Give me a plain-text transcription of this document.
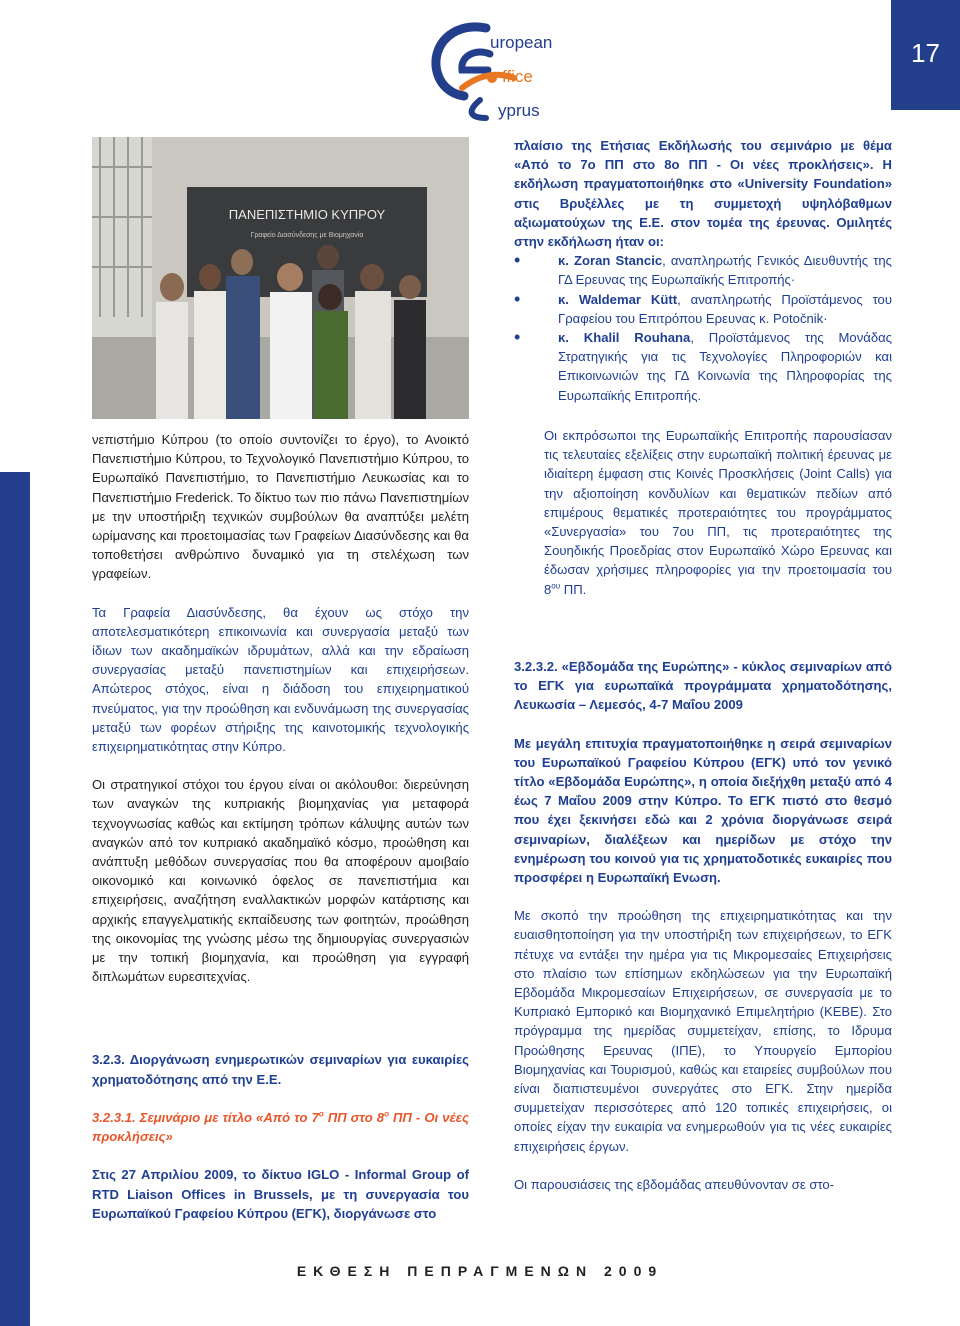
17
uropean
ffice
yprus
ΠΑΝΕΠΙΣΤΗΜΙΟ ΚΥΠΡΟΥ
Γραφείο Διασύνδεσης με Βιομηχανία

πλαίσιο της Ετήσιας Εκδήλωσής του σεμινάριο με θέμα «Από το 7ο ΠΠ στο 8ο ΠΠ - Οι νέες προκλήσεις». Η εκδήλωση πραγματοποιήθηκε στο «University Foundation» στις Βρυξέλλες με τη συμμετοχή υψηλόβαθμων αξιωματούχων της Ε.Ε. στον τομέα της έρευνας. Ομιλητές στην εκδήλωση ήταν οι:

• κ. Zoran Stancic, αναπληρωτής Γενικός Διευθυντής της ΓΔ Ερευνας της Ευρωπαϊκής Επιτροπής·
• κ. Waldemar Kütt, αναπληρωτής Προϊστάμενος του Γραφείου του Επιτρόπου Ερευνας κ. Potočnik·
• κ. Khalil Rouhana, Προϊστάμενος της Μονάδας Στρατηγικής για τις Τεχνολογίες Πληροφοριών και Επικοινωνιών της ΓΔ Κοινωνία της Πληροφορίας της Ευρωπαϊκής Επιτροπής.

Οι εκπρόσωποι της Ευρωπαϊκής Επιτροπής παρουσίασαν τις τελευταίες εξελίξεις στην ευρωπαϊκή πολιτική έρευνας με ιδιαίτερη έμφαση στις Κοινές Προσκλήσεις (Joint Calls) για την αξιοποίηση κονδυλίων και θεματικών πεδίων από επιμέρους θεματικές προτεραιότητες του προγράμματος «Συνεργασία» του 7ου ΠΠ, τις προτεραιότητες της Σουηδικής Προεδρίας στον Ευρωπαϊκό Χώρο Ερευνας και έδωσαν χρήσιμες πληροφορίες για την προετοιμασία του $8^{o\upsilon}$ ΠΠ.

νεπιστήμιο Κύπρου (το οποίο συντονίζει το έργο), το Ανοικτό Πανεπιστήμιο Κύπρου, το Τεχνολογικό Πανεπιστήμιο Κύπρου, το Ευρωπαϊκό Πανεπιστήμιο, το Πανεπιστήμιο Λευκωσίας και το Πανεπιστήμιο Frederick. Το δίκτυο των πιο πάνω Πανεπιστημίων με την υποστήριξη τεχνικών συμβούλων θα αναπτύξει μελέτη ωρίμανσης και προετοιμασίας των Γραφείων Διασύνδεσης και θα τοποθετήσει ανθρώπινο δυναμικό για τη στελέχωση των γραφείων.

Τα Γραφεία Διασύνδεσης, θα έχουν ως στόχο την αποτελεσματικότερη επικοινωνία και συνεργασία μεταξύ των ίδιων των ακαδημαϊκών ιδρυμάτων, αλλά και την εδραίωση συνεργασίας μεταξύ πανεπιστημίων και επιχειρήσεων. Απώτερος στόχος, είναι η διάδοση του επιχειρηματικού πνεύματος, για την προώθηση και ενδυνάμωση της συνεργασίας μεταξύ των φορέων στήριξης της καινοτομικής τεχνολογικής επιχειρηματικότητας στην Κύπρο.

Οι στρατηγικοί στόχοι του έργου είναι οι ακόλουθοι: διερεύνηση των αναγκών της κυπριακής βιομηχανίας για μεταφορά τεχνογνωσίας καθώς και εκτίμηση τρόπων κάλυψης αυτών των αναγκών από τον κυπριακό ακαδημαϊκό κόσμο, προώθηση και ανάπτυξη μεθόδων συνεργασίας που θα αποφέρουν αμοιβαίο οικονομικό και κοινωνικό όφελος σε πανεπιστήμια και επιχειρήσεις, αναζήτηση εναλλακτικών μορφών κατάρτισης και αρχικής επαγγελματικής εκπαίδευσης των φοιτητών, προώθηση της οικονομίας της γνώσης μέσω της δημιουργίας συνεργασιών με την τοπική βιομηχανία, και προώθηση για εγγραφή διπλωμάτων ευρεσιτεχνίας.

3.2.3. Διοργάνωση ενημερωτικών σεμιναρίων για ευκαιρίες χρηματοδότησης από την Ε.Ε.

3.2.3.1. Σεμινάριο με τίτλο «Από το $7^o$ ΠΠ στο $8^o$ ΠΠ - Οι νέες προκλήσεις»

Στις 27 Απριλίου 2009, το δίκτυο IGLO - Informal Group of RTD Liaison Offices in Brussels, με τη συνεργασία του Ευρωπαϊκού Γραφείου Κύπρου (ΕΓΚ), διοργάνωσε στο

3.2.3.2. «Εβδομάδα της Ευρώπης» - κύκλος σεμιναρίων από το ΕΓΚ για ευρωπαϊκά προγράμματα χρηματοδότησης, Λευκωσία – Λεμεσός, 4-7 Μαΐου 2009

Με μεγάλη επιτυχία πραγματοποιήθηκε η σειρά σεμιναρίων του Ευρωπαϊκού Γραφείου Κύπρου (ΕΓΚ) υπό τον γενικό τίτλο «Εβδομάδα Ευρώπης», η οποία διεξήχθη μεταξύ από 4 έως 7 Μαΐου 2009 στην Κύπρο. Το ΕΓΚ πιστό στο θεσμό που έχει ξεκινήσει εδώ και 2 χρόνια διοργάνωσε σειρά σεμιναρίων, διαλέξεων και ημερίδων με στόχο την ενημέρωση του κοινού για τις χρηματοδοτικές ευκαιρίες που προσφέρει η Ευρωπαϊκή Ενωση.

Με σκοπό την προώθηση της επιχειρηματικότητας και την ευαισθητοποίηση για την υποστήριξη των επιχειρήσεων, το ΕΓΚ πέτυχε να εντάξει την ημέρα για τις Μικρομεσαίες Επιχειρήσεις στο πλαίσιο των επίσημων εκδηλώσεων για την Ευρωπαϊκή Εβδομάδα Μικρομεσαίων Επιχειρήσεων, σε συνεργασία με το Κυπριακό Εμπορικό και Βιομηχανικό Επιμελητήριο (ΚΕΒΕ). Στο πρόγραμμα της ημερίδας συμμετείχαν, επίσης, το Ιδρυμα Προώθησης Ερευνας (ΙΠΕ), το Υπουργείο Εμπορίου Βιομηχανίας και Τουρισμού, καθώς και εταιρείες συμβούλων που είναι διαπιστευμένοι συνεργάτες στο ΕΓΚ. Στην ημερίδα συμμετείχαν περισσότερες από 120 τοπικές επιχειρήσεις, οι οποίες είχαν την ευκαιρία να ενημερωθούν για τις νέες ευκαιρίες επιχειρήσεις έργων.

Οι παρουσιάσεις της εβδομάδας απευθύνονταν σε στο-

ΕΚΘΕΣΗ ΠΕΠΡΑΓΜΕΝΩΝ 2009
